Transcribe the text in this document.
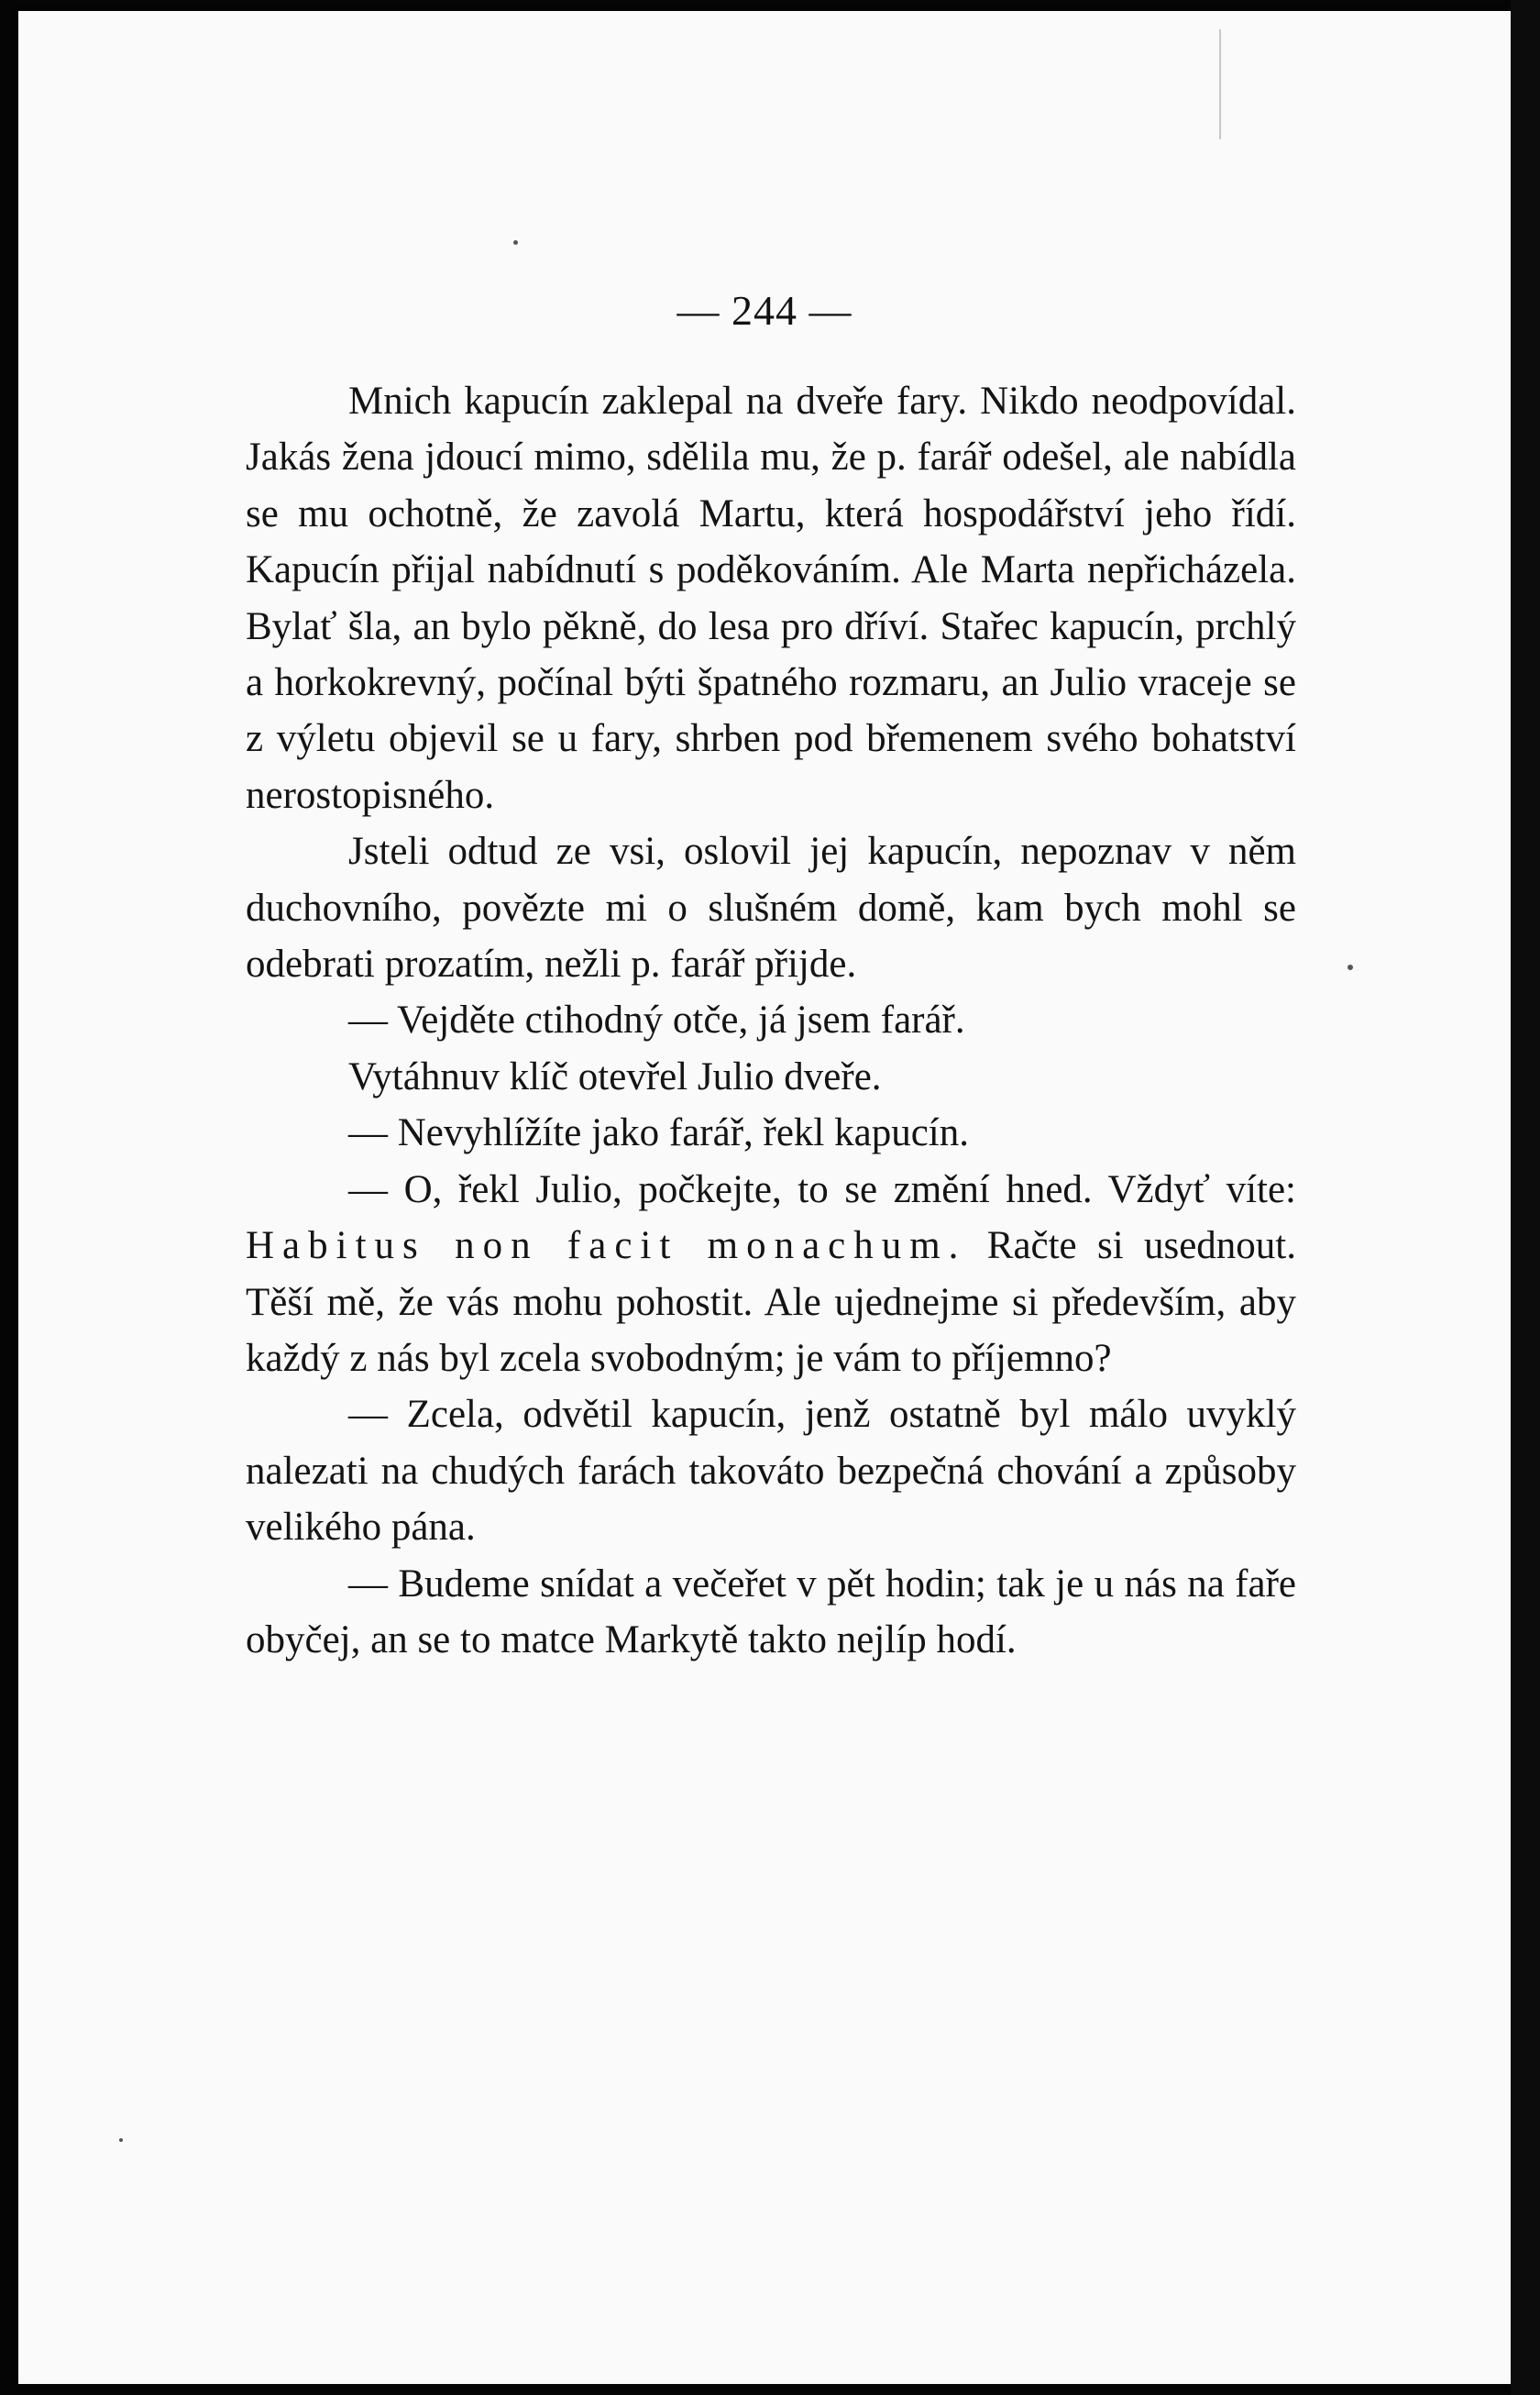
— 244 —

Mnich kapucín zaklepal na dveře fary. Nikdo neodpovídal. Jakás žena jdoucí mimo, sdělila mu, že p. farář odešel, ale nabídla se mu ochotně, že zavolá Martu, která hospodářství jeho řídí. Kapucín přijal nabídnutí s poděkováním. Ale Marta nepřicházela. Bylať šla, an bylo pěkně, do lesa pro dříví. Stařec kapucín, prchlý a horkokrevný, počínal býti špatného rozmaru, an Julio vraceje se z výletu objevil se u fary, shrben pod břemenem svého bohatství nerostopisného.

Jsteli odtud ze vsi, oslovil jej kapucín, nepoznav v něm duchovního, povězte mi o slušném domě, kam bych mohl se odebrati prozatím, nežli p. farář přijde.

— Vejděte ctihodný otče, já jsem farář.

Vytáhnuv klíč otevřel Julio dveře.

— Nevyhlížíte jako farář, řekl kapucín.

— O, řekl Julio, počkejte, to se změní hned. Vždyť víte: Habitus non facit monachum. Račte si usednout. Těší mě, že vás mohu pohostit. Ale ujednejme si především, aby každý z nás byl zcela svobodným; je vám to příjemno?

— Zcela, odvětil kapucín, jenž ostatně byl málo uvyklý nalezati na chudých farách takováto bezpečná chování a způsoby velikého pána.

— Budeme snídat a večeřet v pět hodin; tak je u nás na faře obyčej, an se to matce Markytě takto nejlíp hodí.
